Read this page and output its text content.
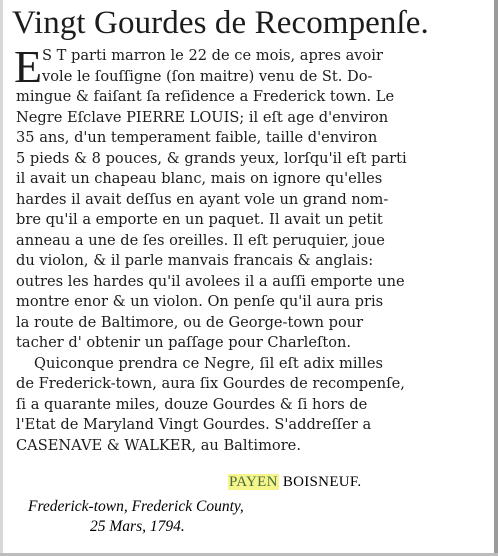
Vingt Gourdes de Recompenſe.
E S T parti marron le 22 de ce mois, apres avoir
vole le ſouſſigne (ſon maitre) venu de St. Do-
mingue & faiſant ſa reſidence a Frederick town. Le
Negre Eſclave PIERRE LOUIS; il eſt age d'environ
35 ans, d'un temperament faible, taille d'environ
5 pieds & 8 pouces, & grands yeux, lorſqu'il eſt parti
il avait un chapeau blanc, mais on ignore qu'elles
hardes il avait deſſus en ayant vole un grand nom-
bre qu'il a emporte en un paquet. Il avait un petit
anneau a une de ſes oreilles. Il eſt peruquier, joue
du violon, & il parle manvais francais & anglais:
outres les hardes qu'il avolees il a auſſi emporte une
montre enor & un violon. On penſe qu'il aura pris
la route de Baltimore, ou de George-town pour
tacher d' obtenir un paſſage pour Charleſton.
Quiconque prendra ce Negre, ſil eſt adix milles
de Frederick-town, aura ſix Gourdes de recompenſe,
ſi a quarante miles, douze Gourdes & ſi hors de
l'Etat de Maryland Vingt Gourdes. S'addreſſer a
CASENAVE & WALKER, au Baltimore.
PAYEN BOISNEUF.
Frederick-town, Frederick County,
25 Mars, 1794.
